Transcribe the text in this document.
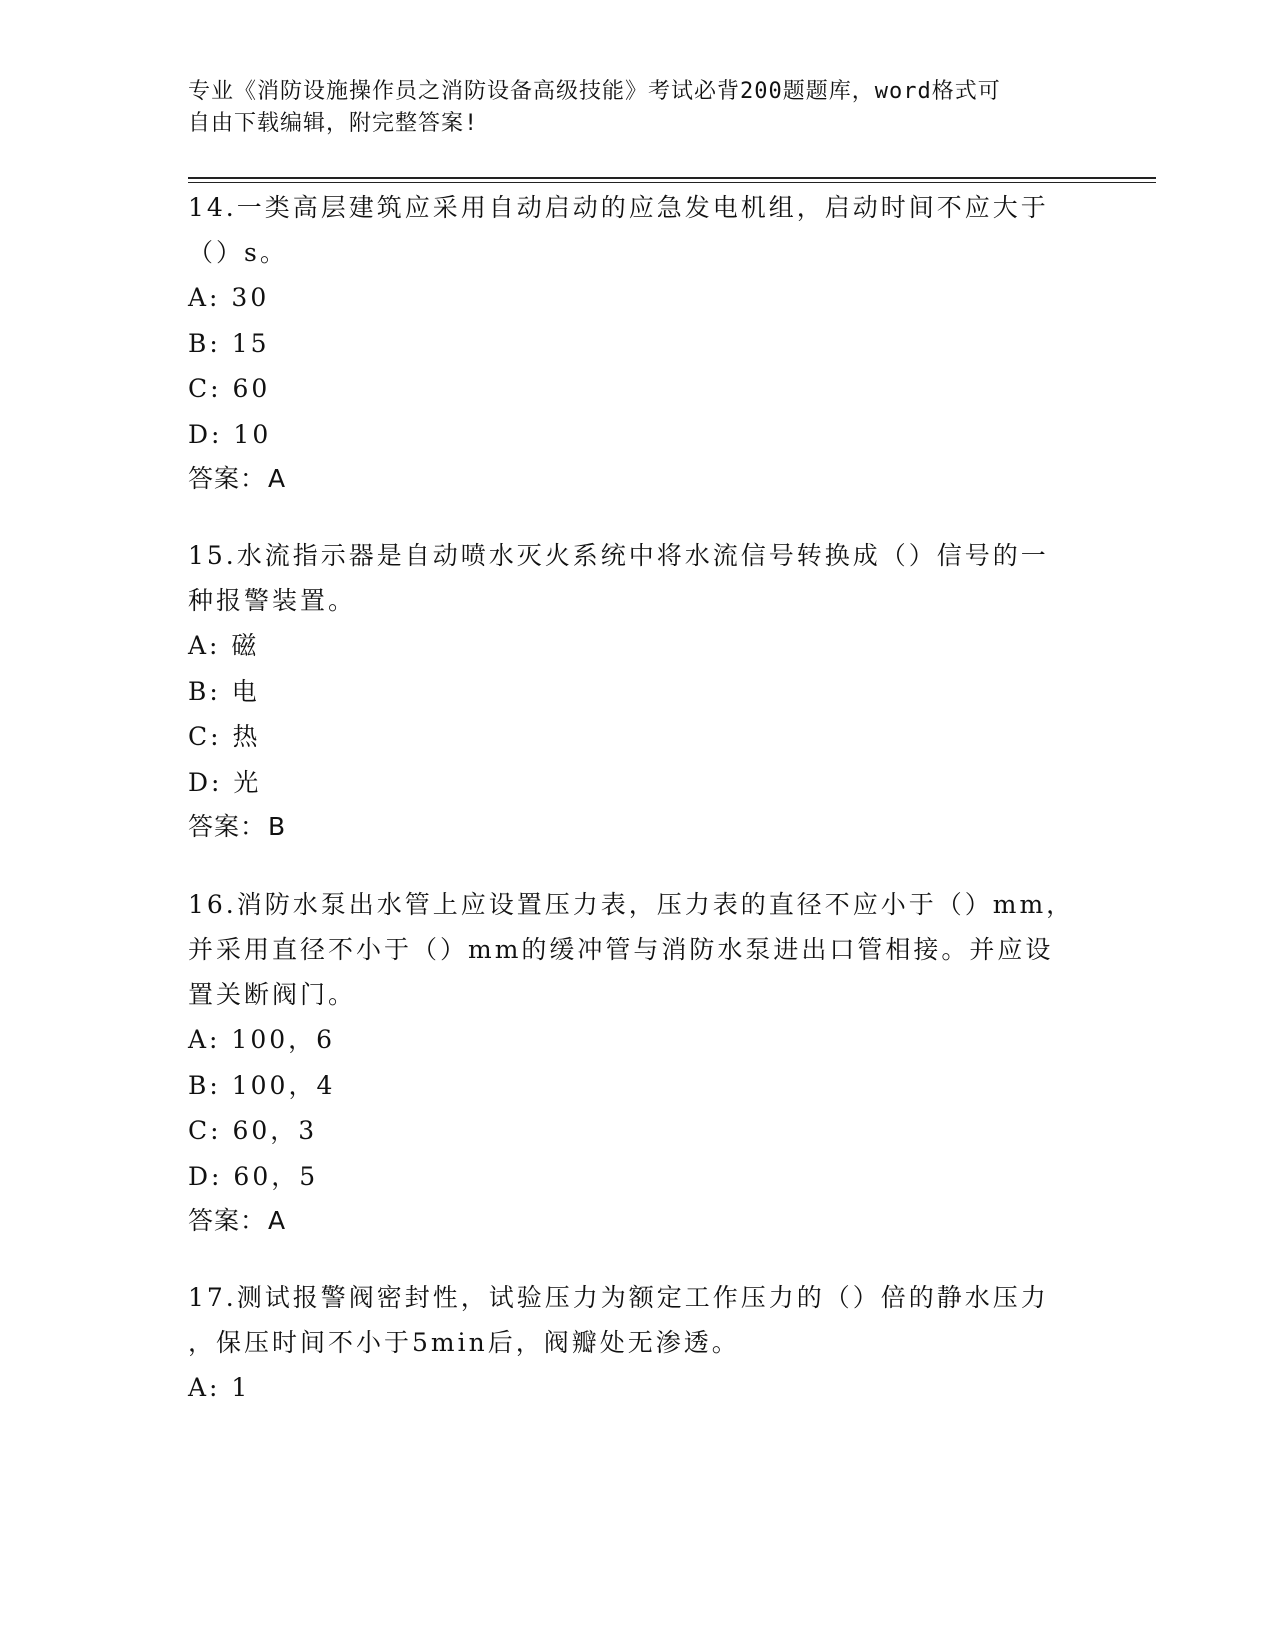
专业《消防设施操作员之消防设备高级技能》考试必背200题题库，word格式可
自由下载编辑，附完整答案!
14.一类高层建筑应采用自动启动的应急发电机组，启动时间不应大于
（）s。
A: 30
B: 15
C: 60
D: 10
答案：A
15.水流指示器是自动喷水灭火系统中将水流信号转换成（）信号的一
种报警装置。
A: 磁
B: 电
C: 热
D: 光
答案：B
16.消防水泵出水管上应设置压力表，压力表的直径不应小于（）mm，
并采用直径不小于（）mm的缓冲管与消防水泵进出口管相接。并应设
置关断阀门。
A: 100，6
B: 100，4
C: 60，3
D: 60，5
答案：A
17.测试报警阀密封性，试验压力为额定工作压力的（）倍的静水压力
，保压时间不小于5min后，阀瓣处无渗透。
A: 1
